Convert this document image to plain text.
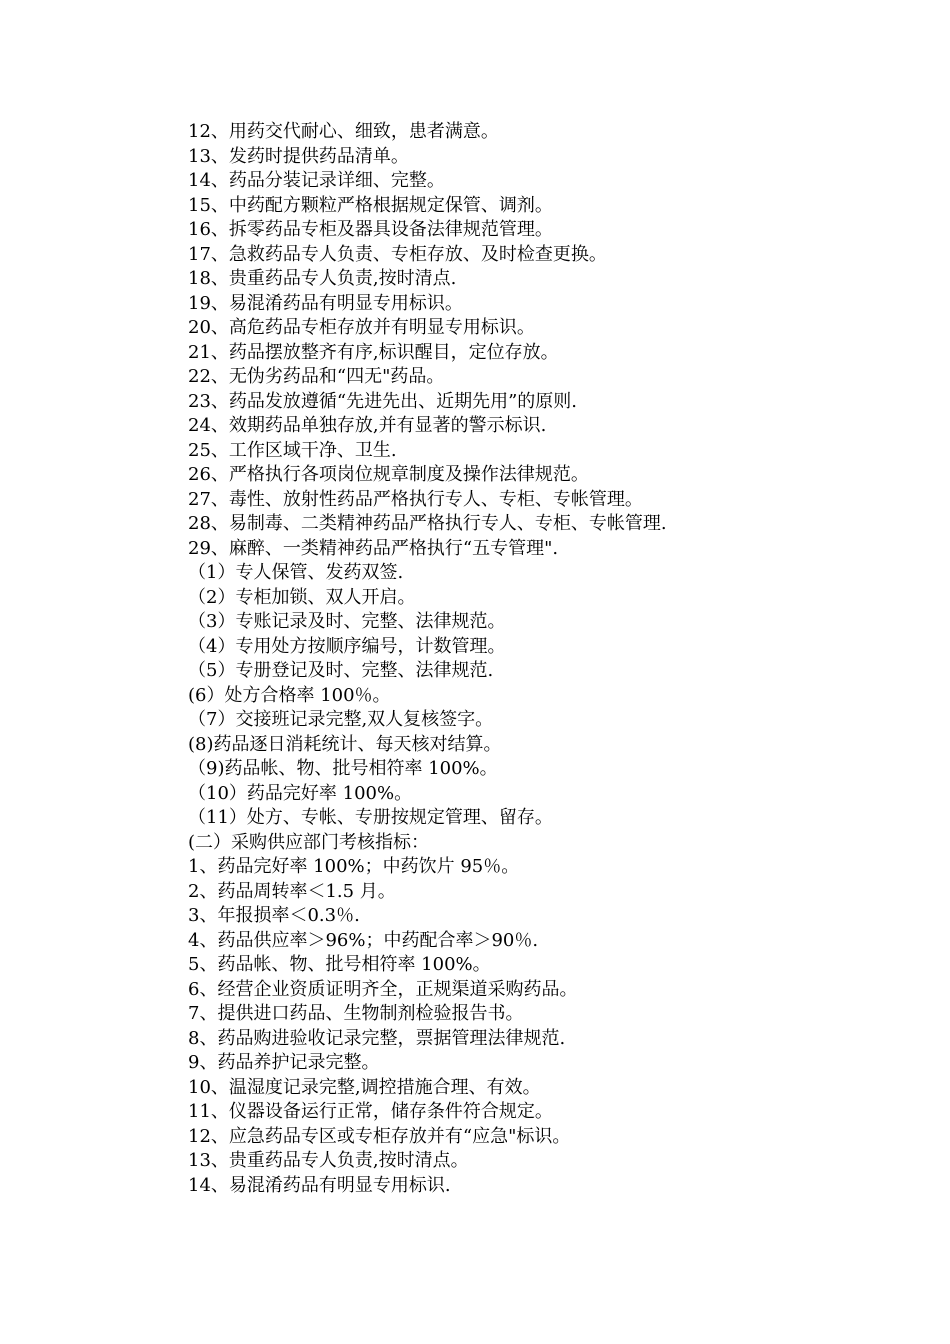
12、用药交代耐心、细致，患者满意。
13、发药时提供药品清单。
14、药品分装记录详细、完整。
15、中药配方颗粒严格根据规定保管、调剂。
16、拆零药品专柜及器具设备法律规范管理。
17、急救药品专人负责、专柜存放、及时检查更换。
18、贵重药品专人负责,按时清点.
19、易混淆药品有明显专用标识。
20、高危药品专柜存放并有明显专用标识。
21、药品摆放整齐有序,标识醒目，定位存放。
22、无伪劣药品和“四无"药品。
23、药品发放遵循“先进先出、近期先用”的原则.
24、效期药品单独存放,并有显著的警示标识.
25、工作区域干净、卫生.
26、严格执行各项岗位规章制度及操作法律规范。
27、毒性、放射性药品严格执行专人、专柜、专帐管理。
28、易制毒、二类精神药品严格执行专人、专柜、专帐管理.
29、麻醉、一类精神药品严格执行“五专管理".
（1）专人保管、发药双签.
（2）专柜加锁、双人开启。
（3）专账记录及时、完整、法律规范。
（4）专用处方按顺序编号，计数管理。
（5）专册登记及时、完整、法律规范.
(6）处方合格率 100％。
（7）交接班记录完整,双人复核签字。
(8)药品逐日消耗统计、每天核对结算。
（9)药品帐、物、批号相符率 100%。
（10）药品完好率 100%。
（11）处方、专帐、专册按规定管理、留存。
(二）采购供应部门考核指标：
1、药品完好率 100%；中药饮片 95％。
2、药品周转率＜1.5 月。
3、年报损率＜0.3％.
4、药品供应率＞96%；中药配合率＞90％.
5、药品帐、物、批号相符率 100%。
6、经营企业资质证明齐全，正规渠道采购药品。
7、提供进口药品、生物制剂检验报告书。
8、药品购进验收记录完整，票据管理法律规范.
9、药品养护记录完整。
10、温湿度记录完整,调控措施合理、有效。
11、仪器设备运行正常，储存条件符合规定。
12、应急药品专区或专柜存放并有“应急"标识。
13、贵重药品专人负责,按时清点。
14、易混淆药品有明显专用标识.
